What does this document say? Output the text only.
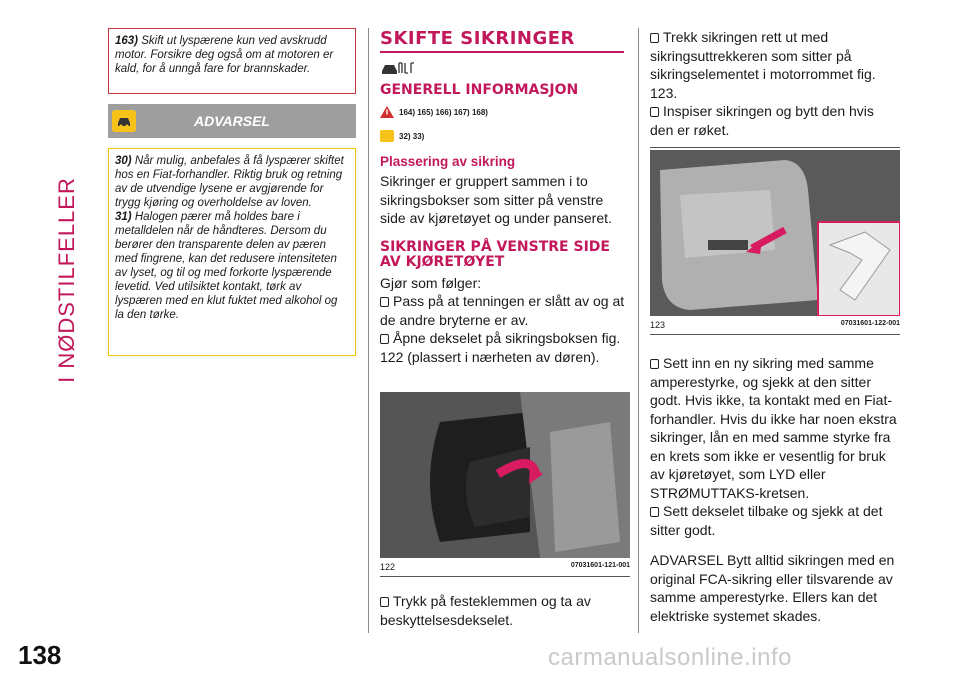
I NØDSTILFELLER
138

163) Skift ut lyspærene kun ved avskrudd motor. Forsikre deg også om at motoren er kald, for å unngå fare for brannskader.

ADVARSEL

30) Når mulig, anbefales å få lyspærer skiftet hos en Fiat-forhandler. Riktig bruk og retning av de utvendige lysene er avgjørende for trygg kjøring og overholdelse av loven.

31) Halogen pærer må holdes bare i metalldelen når de håndteres. Dersom du berører den transparente delen av pæren med fingrene, kan det redusere intensiteten av lyset, og til og med forkorte lyspærende levetid. Ved utilsiktet kontakt, tørk av lyspæren med en klut fuktet med alkohol og la den tørke.

SKIFTE SIKRINGER
GENERELL INFORMASJON
164) 165) 166) 167) 168)
32) 33)
Plassering av sikring

Sikringer er gruppert sammen i to sikringsbokser som sitter på venstre side av kjøretøyet og under panseret.

SIKRINGER PÅ VENSTRE SIDE AV KJØRETØYET

Gjør som følger:

Pass på at tenningen er slått av og at de andre bryterne er av.

Åpne dekselet på sikringsboksen fig. 122 (plassert i nærheten av døren).

122	07031601-121-001

Trykk på festeklemmen og ta av beskyttelsesdekselet.

Trekk sikringen rett ut med sikringsuttrekkeren som sitter på sikringselementet i motorrommet fig. 123.

Inspiser sikringen og bytt den hvis den er røket.

123	07031601-122-001

Sett inn en ny sikring med samme amperestyrke, og sjekk at den sitter godt. Hvis ikke, ta kontakt med en Fiat-forhandler. Hvis du ikke har noen ekstra sikringer, lån en med samme styrke fra en krets som ikke er vesentlig for bruk av kjøretøyet, som LYD eller STRØMUTTAKS-kretsen.

Sett dekselet tilbake og sjekk at det sitter godt.

ADVARSEL Bytt alltid sikringen med en original FCA-sikring eller tilsvarende av samme amperestyrke. Ellers kan det elektriske systemet skades.

carmanualsonline.info
